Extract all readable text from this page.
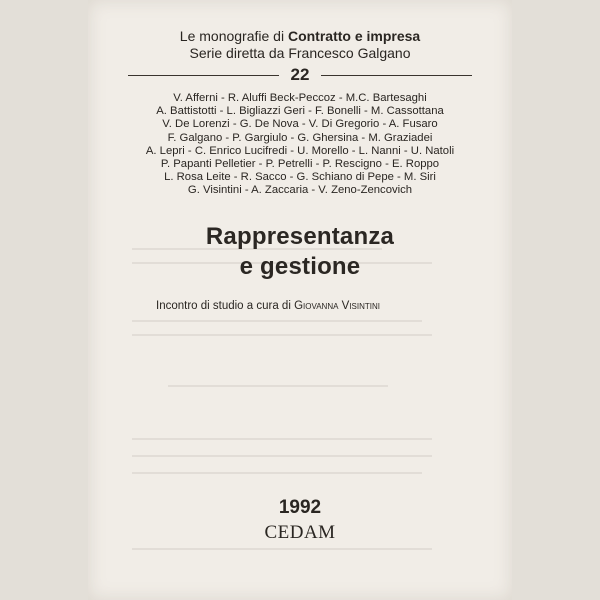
Le monografie di Contratto e impresa
Serie diretta da Francesco Galgano
22
V. Afferni - R. Aluffi Beck-Peccoz - M.C. Bartesaghi
A. Battistotti - L. Bigliazzi Geri - F. Bonelli - M. Cassottana
V. De Lorenzi - G. De Nova - V. Di Gregorio - A. Fusaro
F. Galgano - P. Gargiulo - G. Ghersina - M. Graziadei
A. Lepri - C. Enrico Lucifredi - U. Morello - L. Nanni - U. Natoli
P. Papanti Pelletier - P. Petrelli - P. Rescigno - E. Roppo
L. Rosa Leite - R. Sacco - G. Schiano di Pepe - M. Siri
G. Visintini - A. Zaccaria - V. Zeno-Zencovich
Rappresentanza
e gestione
Incontro di studio a cura di Giovanna Visintini
1992
CEDAM
